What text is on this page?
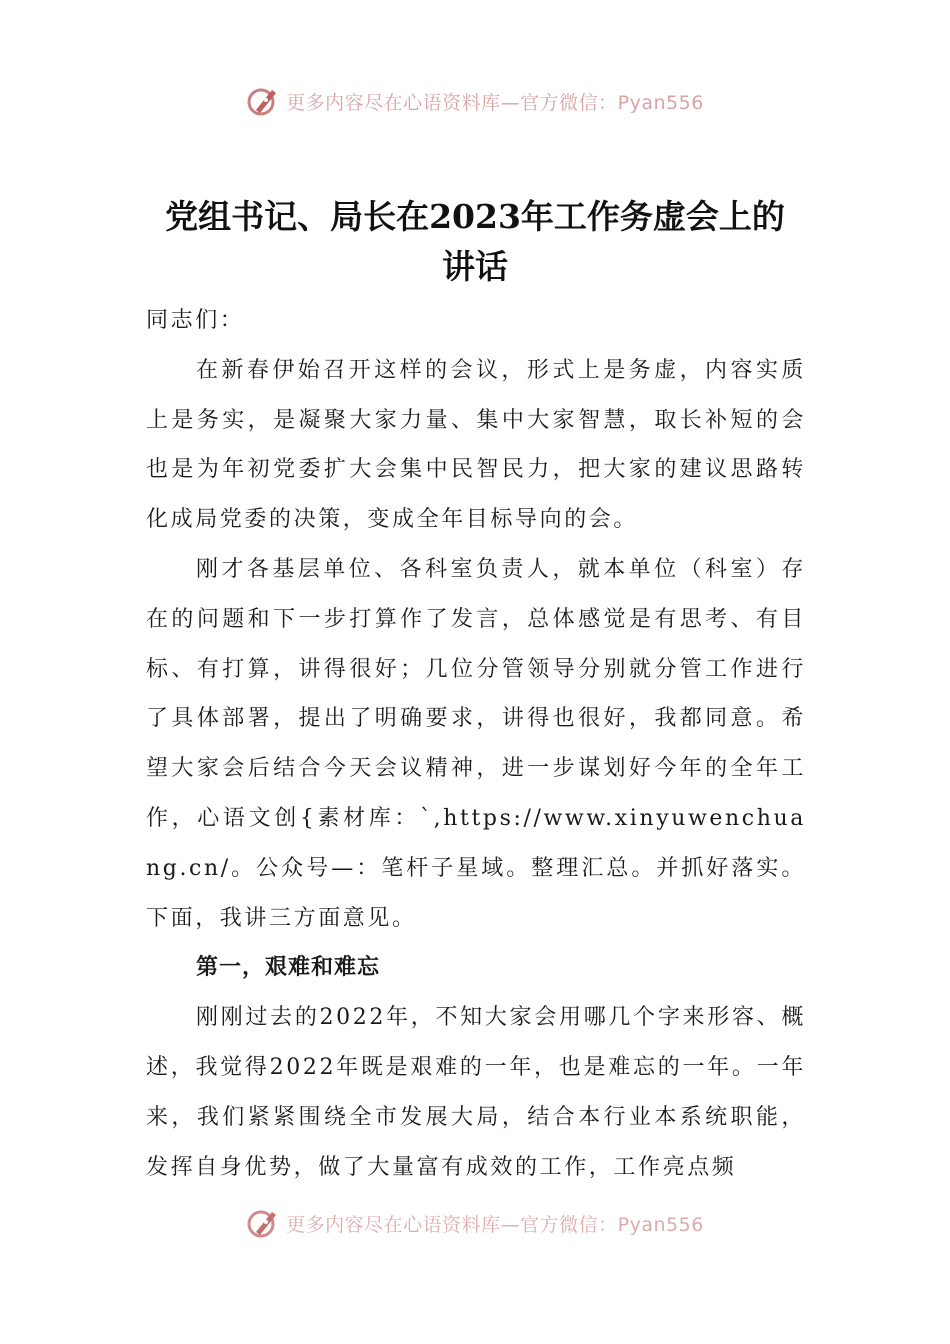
更多内容尽在心语资料库—官方微信：Pyan556
党组书记、局长在2023年工作务虚会上的
讲话

同志们：

在新春伊始召开这样的会议，形式上是务虚，内容实质上是务实，是凝聚大家力量、集中大家智慧，取长补短的会也是为年初党委扩大会集中民智民力，把大家的建议思路转化成局党委的决策，变成全年目标导向的会。

刚才各基层单位、各科室负责人，就本单位（科室）存在的问题和下一步打算作了发言，总体感觉是有思考、有目标、有打算，讲得很好；几位分管领导分别就分管工作进行了具体部署，提出了明确要求，讲得也很好，我都同意。希望大家会后结合今天会议精神，进一步谋划好今年的全年工作，心语文创{素材库：`,https://www.xinyuwenchuang.cn/。公众号—：笔杆子星域。整理汇总。并抓好落实。下面，我讲三方面意见。

第一，艰难和难忘

刚刚过去的2022年，不知大家会用哪几个字来形容、概述，我觉得2022年既是艰难的一年，也是难忘的一年。一年来，我们紧紧围绕全市发展大局，结合本行业本系统职能，发挥自身优势，做了大量富有成效的工作，工作亮点频

更多内容尽在心语资料库—官方微信：Pyan556
